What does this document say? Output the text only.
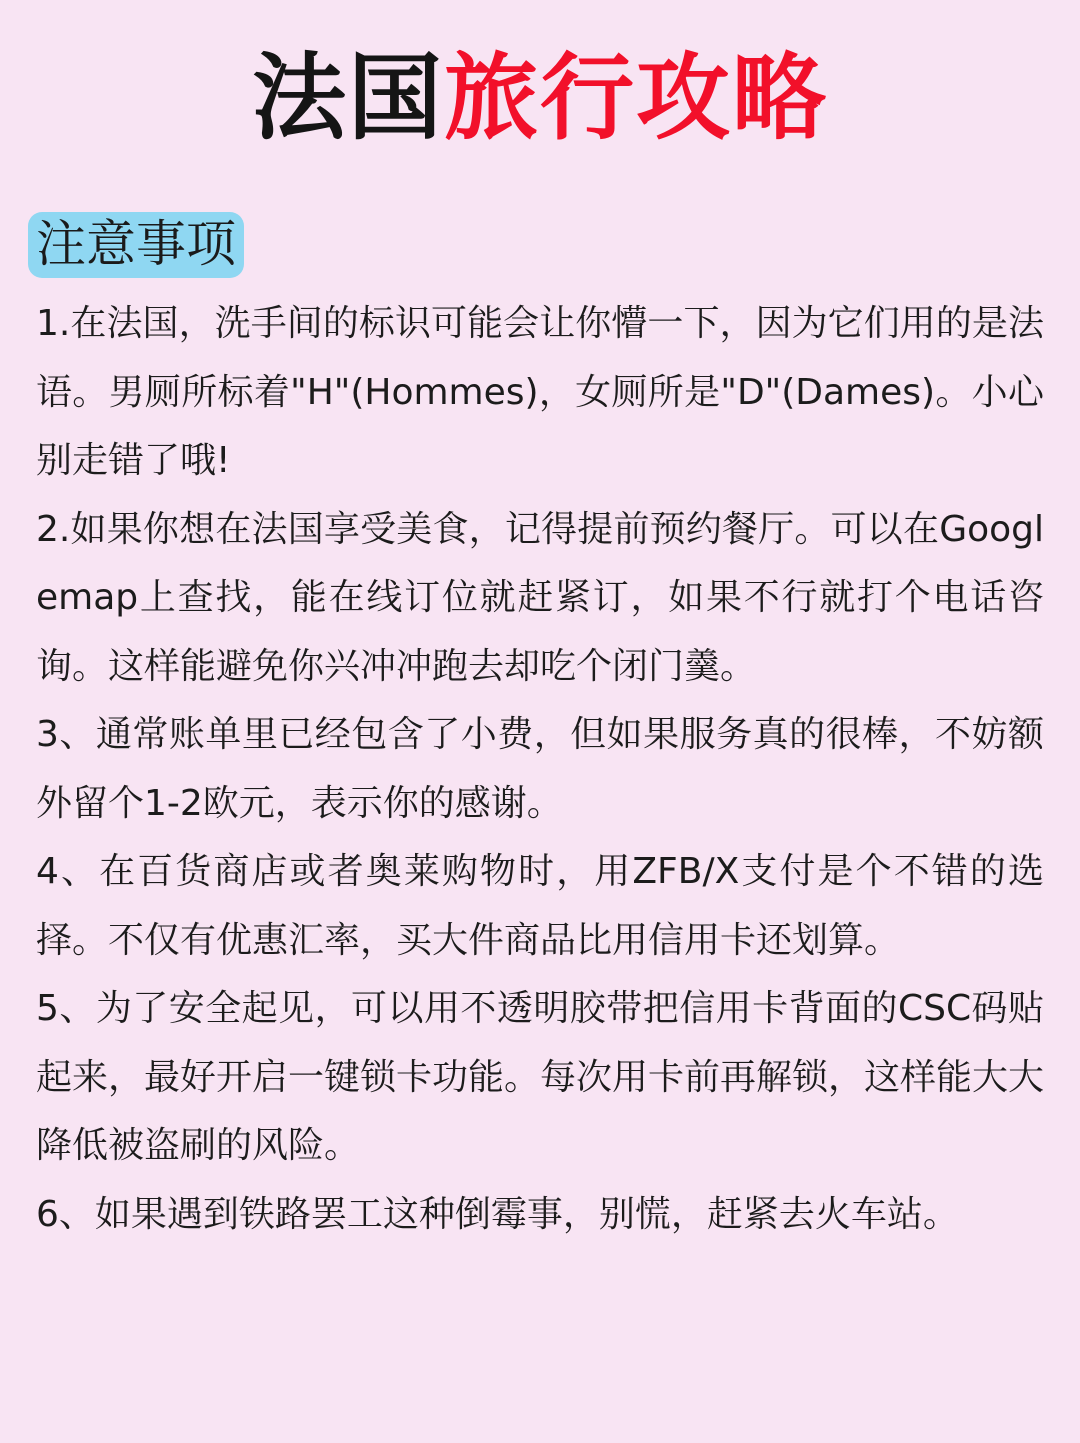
法国旅行攻略
注意事项

1.在法国，洗手间的标识可能会让你懵一下，因为它们用的是法语。男厕所标着"H"(Hommes)，女厕所是"D"(Dames)。小心别走错了哦!

2.如果你想在法国享受美食，记得提前预约餐厅。可以在Googlemap上查找，能在线订位就赶紧订，如果不行就打个电话咨询。这样能避免你兴冲冲跑去却吃个闭门羹。

3、通常账单里已经包含了小费，但如果服务真的很棒，不妨额外留个1-2欧元，表示你的感谢。

4、在百货商店或者奥莱购物时，用ZFB/X支付是个不错的选择。不仅有优惠汇率，买大件商品比用信用卡还划算。

5、为了安全起见，可以用不透明胶带把信用卡背面的CSC码贴起来，最好开启一键锁卡功能。每次用卡前再解锁，这样能大大降低被盗刷的风险。

6、如果遇到铁路罢工这种倒霉事，别慌，赶紧去火车站。
